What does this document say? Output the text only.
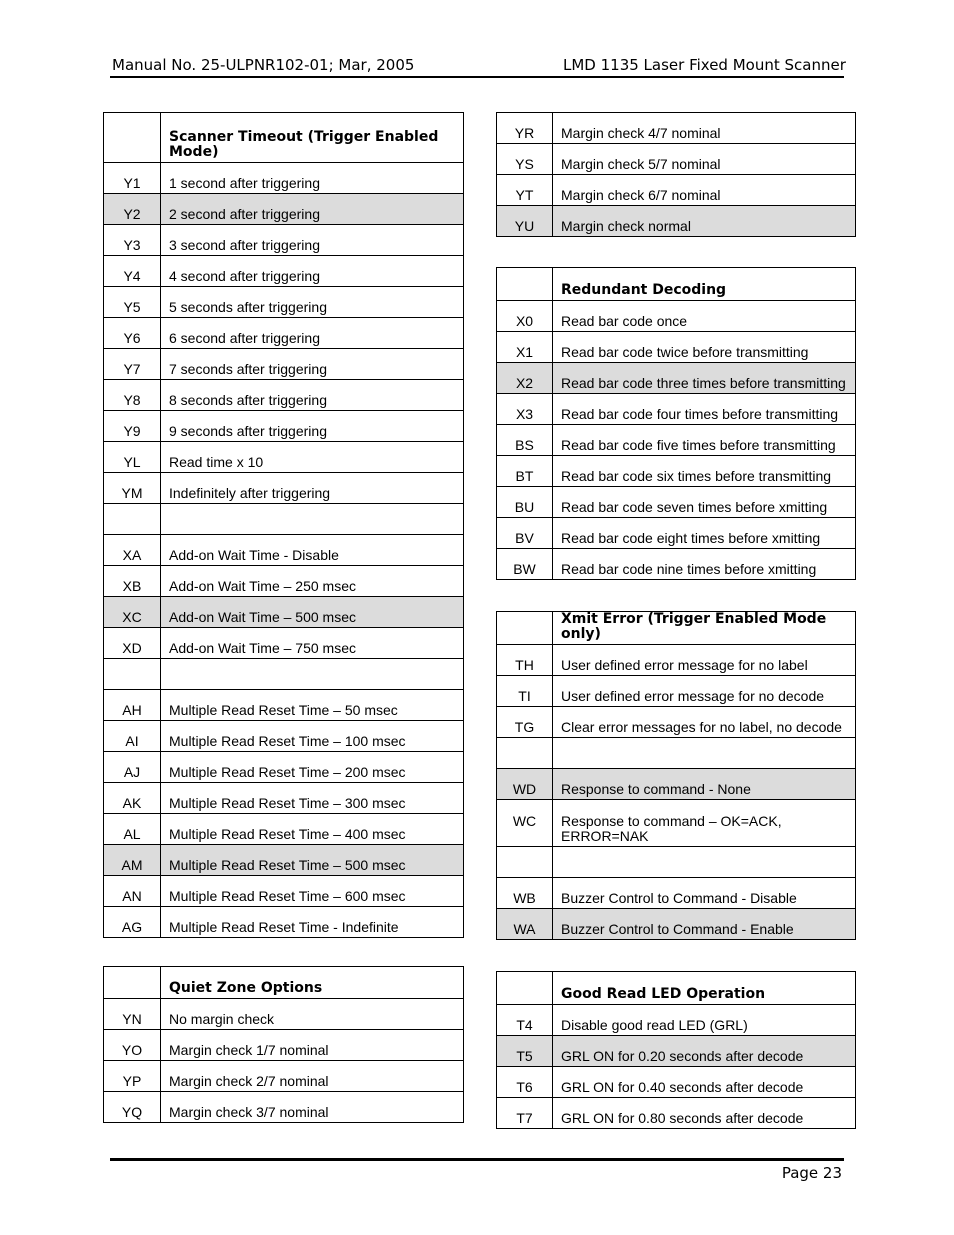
Manual No. 25-ULPNR102-01; Mar, 2005	LMD 1135 Laser Fixed Mount Scanner
	Scanner Timeout (Trigger Enabled Mode)
Y1	1 second after triggering
Y2	2 second after triggering
Y3	3 second after triggering
Y4	4 second after triggering
Y5	5 seconds after triggering
Y6	6 second after triggering
Y7	7 seconds after triggering
Y8	8 seconds after triggering
Y9	9 seconds after triggering
YL	Read time x 10
YM	Indefinitely after triggering

XA	Add-on Wait Time - Disable
XB	Add-on Wait Time – 250 msec
XC	Add-on Wait Time – 500 msec
XD	Add-on Wait Time – 750 msec

AH	Multiple Read Reset Time – 50 msec
AI	Multiple Read Reset Time – 100 msec
AJ	Multiple Read Reset Time – 200 msec
AK	Multiple Read Reset Time – 300 msec
AL	Multiple Read Reset Time – 400 msec
AM	Multiple Read Reset Time – 500 msec
AN	Multiple Read Reset Time – 600 msec
AG	Multiple Read Reset Time - Indefinite
	Quiet Zone Options
YN	No margin check
YO	Margin check 1/7 nominal
YP	Margin check 2/7 nominal
YQ	Margin check 3/7 nominal
YR	Margin check 4/7 nominal
YS	Margin check 5/7 nominal
YT	Margin check 6/7 nominal
YU	Margin check normal
	Redundant Decoding
X0	Read bar code once
X1	Read bar code twice before transmitting
X2	Read bar code three times before transmitting
X3	Read bar code four times before transmitting
BS	Read bar code five times before transmitting
BT	Read bar code six times before transmitting
BU	Read bar code seven times before xmitting
BV	Read bar code eight times before xmitting
BW	Read bar code nine times before xmitting
	Xmit Error (Trigger Enabled Mode only)
TH	User defined error message for no label
TI	User defined error message for no decode
TG	Clear error messages for no label, no decode

WD	Response to command - None
WC	Response to command – OK=ACK, ERROR=NAK

WB	Buzzer Control to Command - Disable
WA	Buzzer Control to Command - Enable
	Good Read LED Operation
T4	Disable good read LED (GRL)
T5	GRL ON for 0.20 seconds after decode
T6	GRL ON for 0.40 seconds after decode
T7	GRL ON for 0.80 seconds after decode
Page 23
